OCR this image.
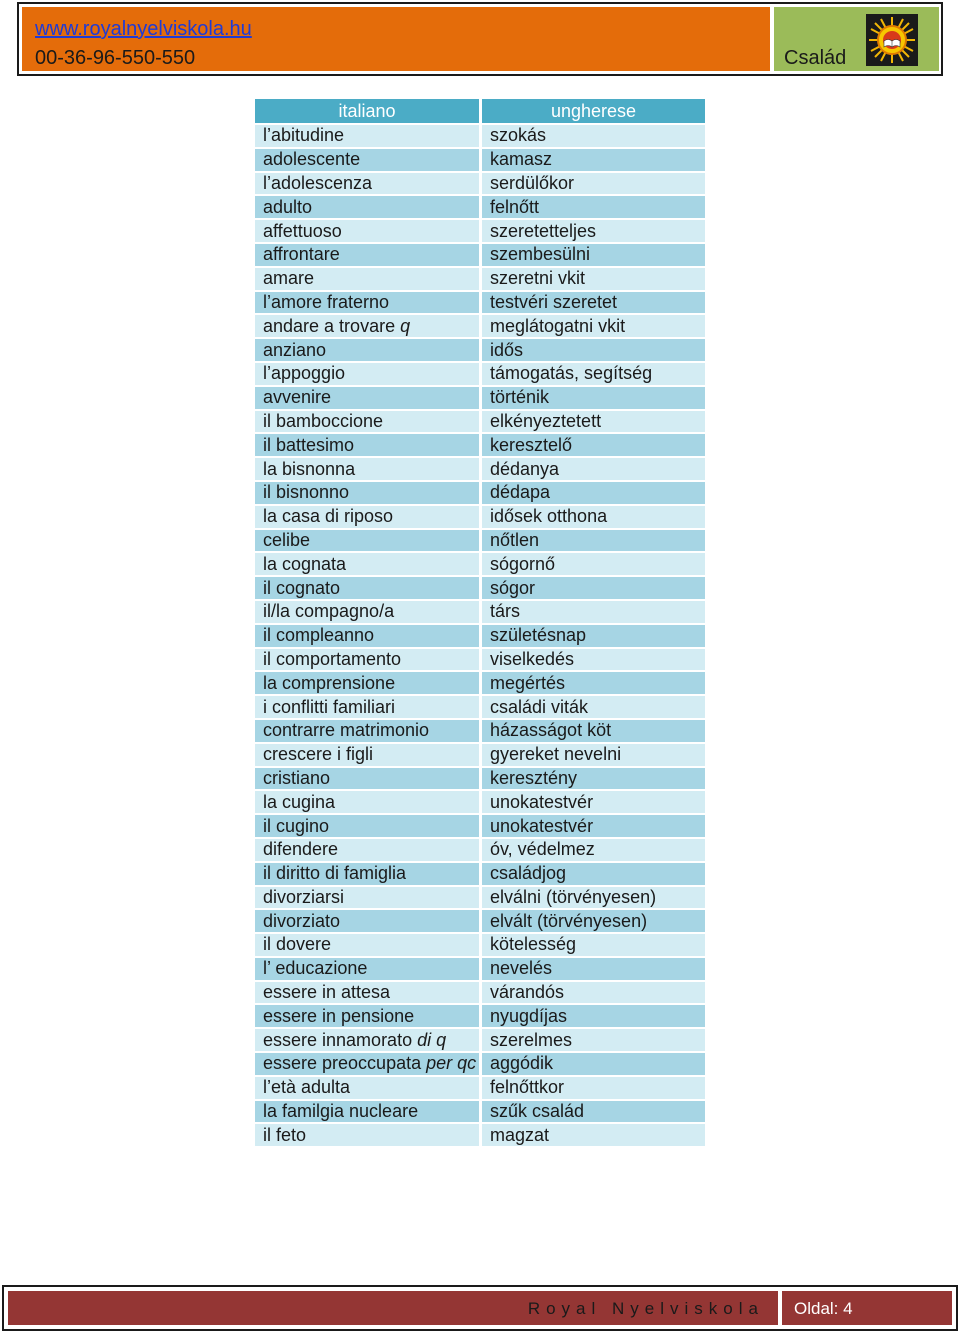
www.royalnyelviskola.hu
00-36-96-550-550	Család
italiano	ungherese
l’abitudine	szokás
adolescente	kamasz
l’adolescenza	serdülőkor
adulto	felnőtt
affettuoso	szeretetteljes
affrontare	szembesülni
amare	szeretni vkit
l’amore fraterno	testvéri szeretet
andare a trovare q	meglátogatni vkit
anziano	idős
l’appoggio	támogatás, segítség
avvenire	történik
il bamboccione	elkényeztetett
il battesimo	keresztelő
la bisnonna	dédanya
il bisnonno	dédapa
la casa di riposo	idősek otthona
celibe	nőtlen
la cognata	sógornő
il cognato	sógor
il/la compagno/a	társ
il compleanno	születésnap
il comportamento	viselkedés
la comprensione	megértés
i conflitti familiari	családi viták
contrarre matrimonio	házasságot köt
crescere i figli	gyereket nevelni
cristiano	keresztény
la cugina	unokatestvér
il cugino	unokatestvér
difendere	óv, védelmez
il diritto di famiglia	családjog
divorziarsi	elválni (törvényesen)
divorziato	elvált (törvényesen)
il dovere	kötelesség
l’ educazione	nevelés
essere in attesa	várandós
essere in pensione	nyugdíjas
essere innamorato di q	szerelmes
essere preoccupata per qc	aggódik
l’età adulta	felnőttkor
la familgia nucleare	szűk család
il feto	magzat
Royal Nyelviskola Oldal: 4
